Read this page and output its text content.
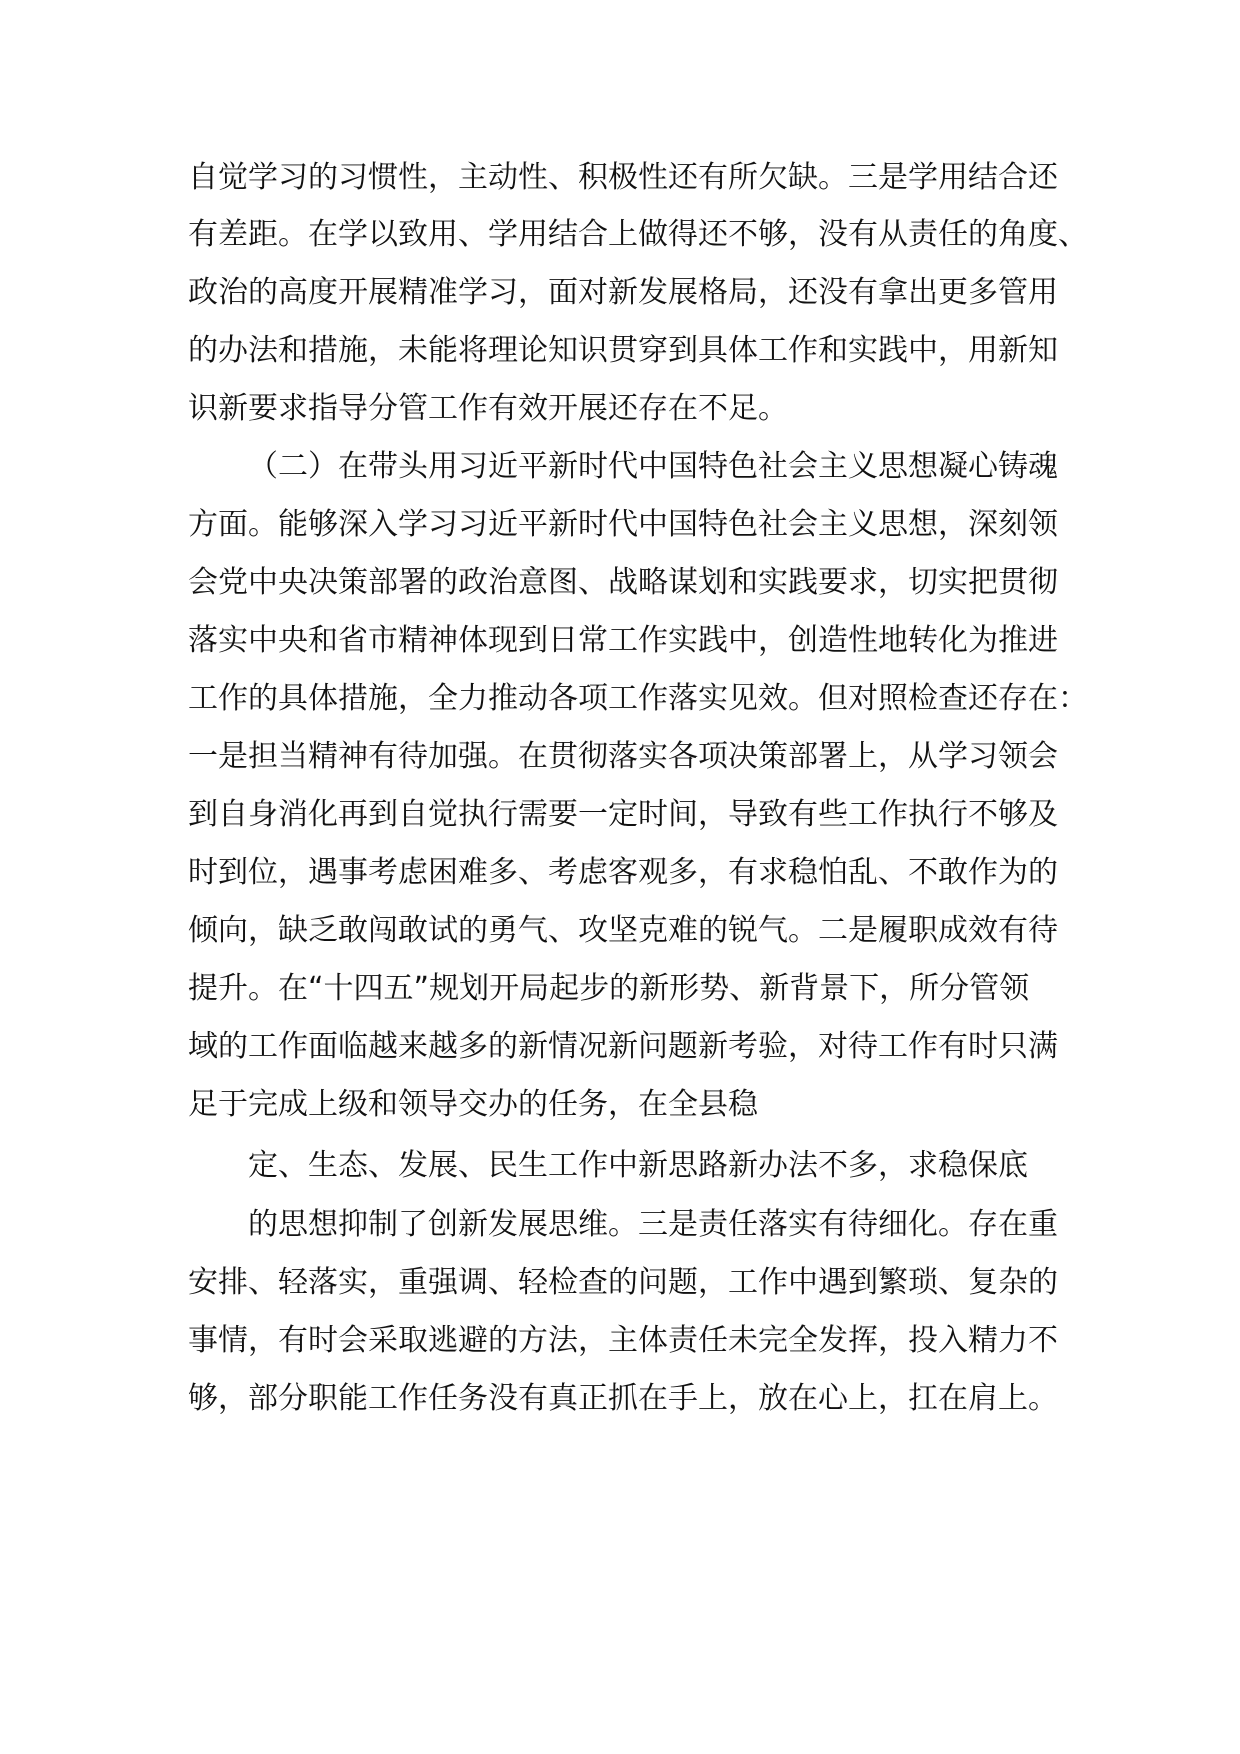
自觉学习的习惯性，主动性、积极性还有所欠缺。三是学用结合还
有差距。在学以致用、学用结合上做得还不够，没有从责任的角度、
政治的高度开展精准学习，面对新发展格局，还没有拿出更多管用
的办法和措施，未能将理论知识贯穿到具体工作和实践中，用新知
识新要求指导分管工作有效开展还存在不足。
（二）在带头用习近平新时代中国特色社会主义思想凝心铸魂
方面。能够深入学习习近平新时代中国特色社会主义思想，深刻领
会党中央决策部署的政治意图、战略谋划和实践要求，切实把贯彻
落实中央和省市精神体现到日常工作实践中，创造性地转化为推进
工作的具体措施，全力推动各项工作落实见效。但对照检查还存在：
一是担当精神有待加强。在贯彻落实各项决策部署上，从学习领会
到自身消化再到自觉执行需要一定时间，导致有些工作执行不够及
时到位，遇事考虑困难多、考虑客观多，有求稳怕乱、不敢作为的
倾向，缺乏敢闯敢试的勇气、攻坚克难的锐气。二是履职成效有待
提升。在“十四五”规划开局起步的新形势、新背景下，所分管领
域的工作面临越来越多的新情况新问题新考验，对待工作有时只满
足于完成上级和领导交办的任务，在全县稳
定、生态、发展、民生工作中新思路新办法不多，求稳保底
的思想抑制了创新发展思维。三是责任落实有待细化。存在重
安排、轻落实，重强调、轻检查的问题，工作中遇到繁琐、复杂的
事情，有时会采取逃避的方法，主体责任未完全发挥，投入精力不
够，部分职能工作任务没有真正抓在手上，放在心上，扛在肩上。
